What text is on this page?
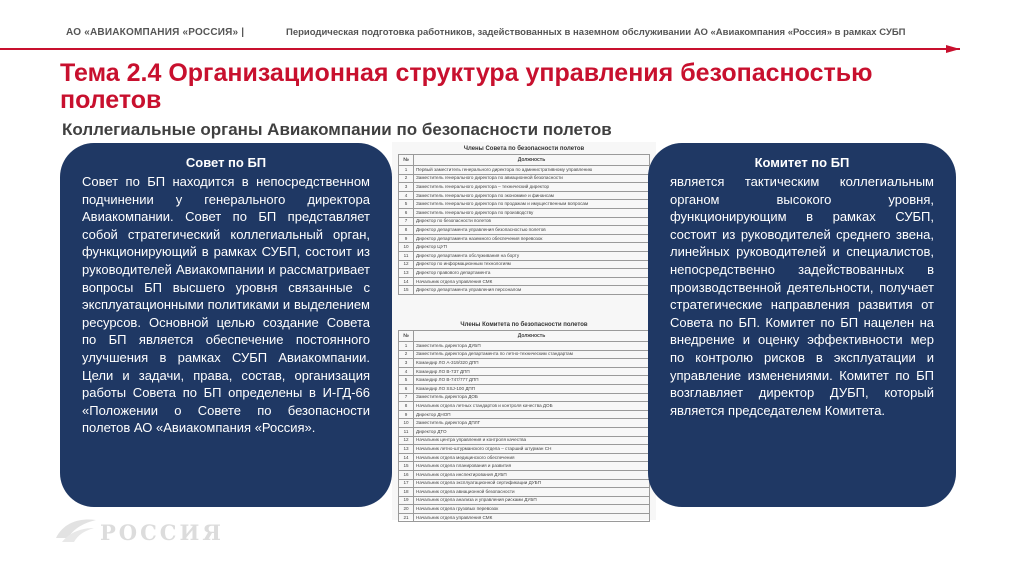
АО «АВИАКОМПАНИЯ «РОССИЯ» |	Периодическая подготовка работников, задействованных в наземном обслуживании АО «Авиакомпания «Россия» в рамках СУБП
Тема 2.4 Организационная структура управления безопасностью полетов
Коллегиальные органы Авиакомпании по безопасности полетов
Совет по БП

Совет по БП находится в непосредственном подчинении у генерального директора Авиакомпании. Совет по БП представляет собой стратегический коллегиальный орган, функционирующий в рамках СУБП, состоит из руководителей Авиакомпании и рассматривает вопросы БП высшего уровня связанные с эксплуатационными политиками и выделением ресурсов. Основной целью создание Совета по БП является обеспечение постоянного улучшения в рамках СУБП Авиакомпании. Цели и задачи, права, состав, организация работы Совета по БП определены в И-ГД-66 «Положении о Совете по безопасности полетов АО «Авиакомпания «Россия».

Члены Совета по безопасности полетов
№	Должность
1	Первый заместитель генерального директора по административному управлению
2	Заместитель генерального директора по авиационной безопасности
3	Заместитель генерального директора – технический директор
4	Заместитель генерального директора по экономике и финансам
5	Заместитель генерального директора по продажам и имущественным вопросам
6	Заместитель генерального директора по производству
7	Директор по безопасности полетов
8	Директор департамента управления безопасностью полетов
9	Директор департамента наземного обеспечения перевозок
10	Директор ЦУП
11	Директор департамента обслуживания на борту
12	Директор по информационным технологиям
13	Директор правового департамента
14	Начальник отдела управления СМК
15	Директор департамента управления персоналом
Члены Комитета по безопасности полетов
№	Должность
1	Заместитель директора ДУБП
2	Заместитель директора департамента по летно-техническим стандартам
3	Командир ЛО А-319/320 ДПП
4	Командир ЛО В-737 ДПП
5	Командир ЛО В-747/777 ДПП
6	Командир ЛО SSJ-100 ДПП
7	Заместитель директора ДОБ
8	Начальник отдела летных стандартов и контроля качества ДОБ
9	Директор ДНОП
10	Заместитель директора ДПЛГ
11	Директор ДТО
12	Начальник центра управления и контроля качества
13	Начальник летно-штурманского отдела – старший штурман СН
14	Начальник отдела медицинского обеспечения
15	Начальник отдела планирования и развития
16	Начальник отдела инспектирования ДУБП
17	Начальник отдела эксплуатационной сертификации ДУБП
18	Начальник отдела авиационной безопасности
19	Начальник отдела анализа и управления рисками ДУБП
20	Начальник отдела грузовых перевозок
21	Начальник отдела управления СМК
Комитет по БП

является тактическим коллегиальным органом высокого уровня, функционирующим в рамках СУБП, состоит из руководителей среднего звена, линейных руководителей и специалистов, непосредственно задействованных в производственной деятельности, получает стратегические направления развития от Совета по БП. Комитет по БП нацелен на внедрение и оценку эффективности мер по контролю рисков в эксплуатации и управление изменениями. Комитет по БП возглавляет директор ДУБП, который является председателем Комитета.

РОССИЯ
